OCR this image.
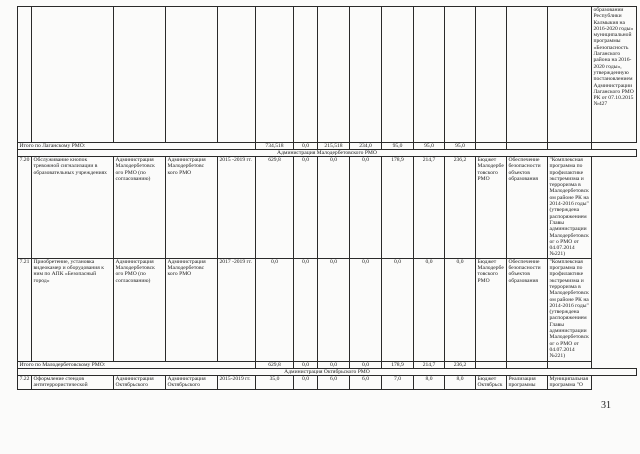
															образовании Республики Калмыкия на 2016-2020 годы» муниципальной программы «Безопасность Лаганского района на 2016-2020 годы», утвержденную постановлением Администрации Лаганского РМО РК от 07.10.2015 №427
Итого по Лаганскому РМО:					734,518	0,0	215,518	234,0	95,0	95,0	95,0				
Администрация Малодербетовского РМО															
7.20	Обслуживание кнопок тревожной сигнализации в образовательных учреждениях	Администрация Малодербетовск ого РМО (по согласованию)	Администрация Малодербетовс кого РМО	2015 -2019 гг.	629,8	0,0	0,0	0,0	178,9	214,7	236,2	Бюджет Малодербе товского РМО	Обеспечение безопасности объектов образования	"Комплексная программа по профилактике экстремизма и терроризма в Малодербетовском районе РК на 2014-2016 годы" (утверждена распоряжением Главы администрации Малодербетовског о РМО от 04.07.2014 №221)
7.21	Приобретение, установка видеокамер и оборудования к ним по АПК «Безопасный город»	Администрация Малодербетовск ого РМО (по согласованию)	Администрация Малодербетовс кого РМО	2017 -2019 гг.	0,0	0,0	0,0	0,0	0,0	0,0	0,0	Бюджет Малодербе товского РМО	Обеспечение безопасности объектов образования	"Комплексная программа по профилактике экстремизма и терроризма в Малодербетовском районе РК на 2014-2016 годы" (утверждена распоряжением Главы администрации Малодербетовског о РМО от 04.07.2014 №221)
Итого по Малодербетовскому РМО:					629,8	0,0	0,0	0,0	178,9	214,7	236,2				
Администрация Октябрьского РМО															
7.22	Оформление стендов антитеррористической	Администрация Октябрьского	Администрация Октябрьского	2015-2019 гг.	35,0	0,0	6,0	6,0	7,0	8,0	8,0	Бюджет Октябрьск	Реализация программы	Муниципальная программа "О
31
